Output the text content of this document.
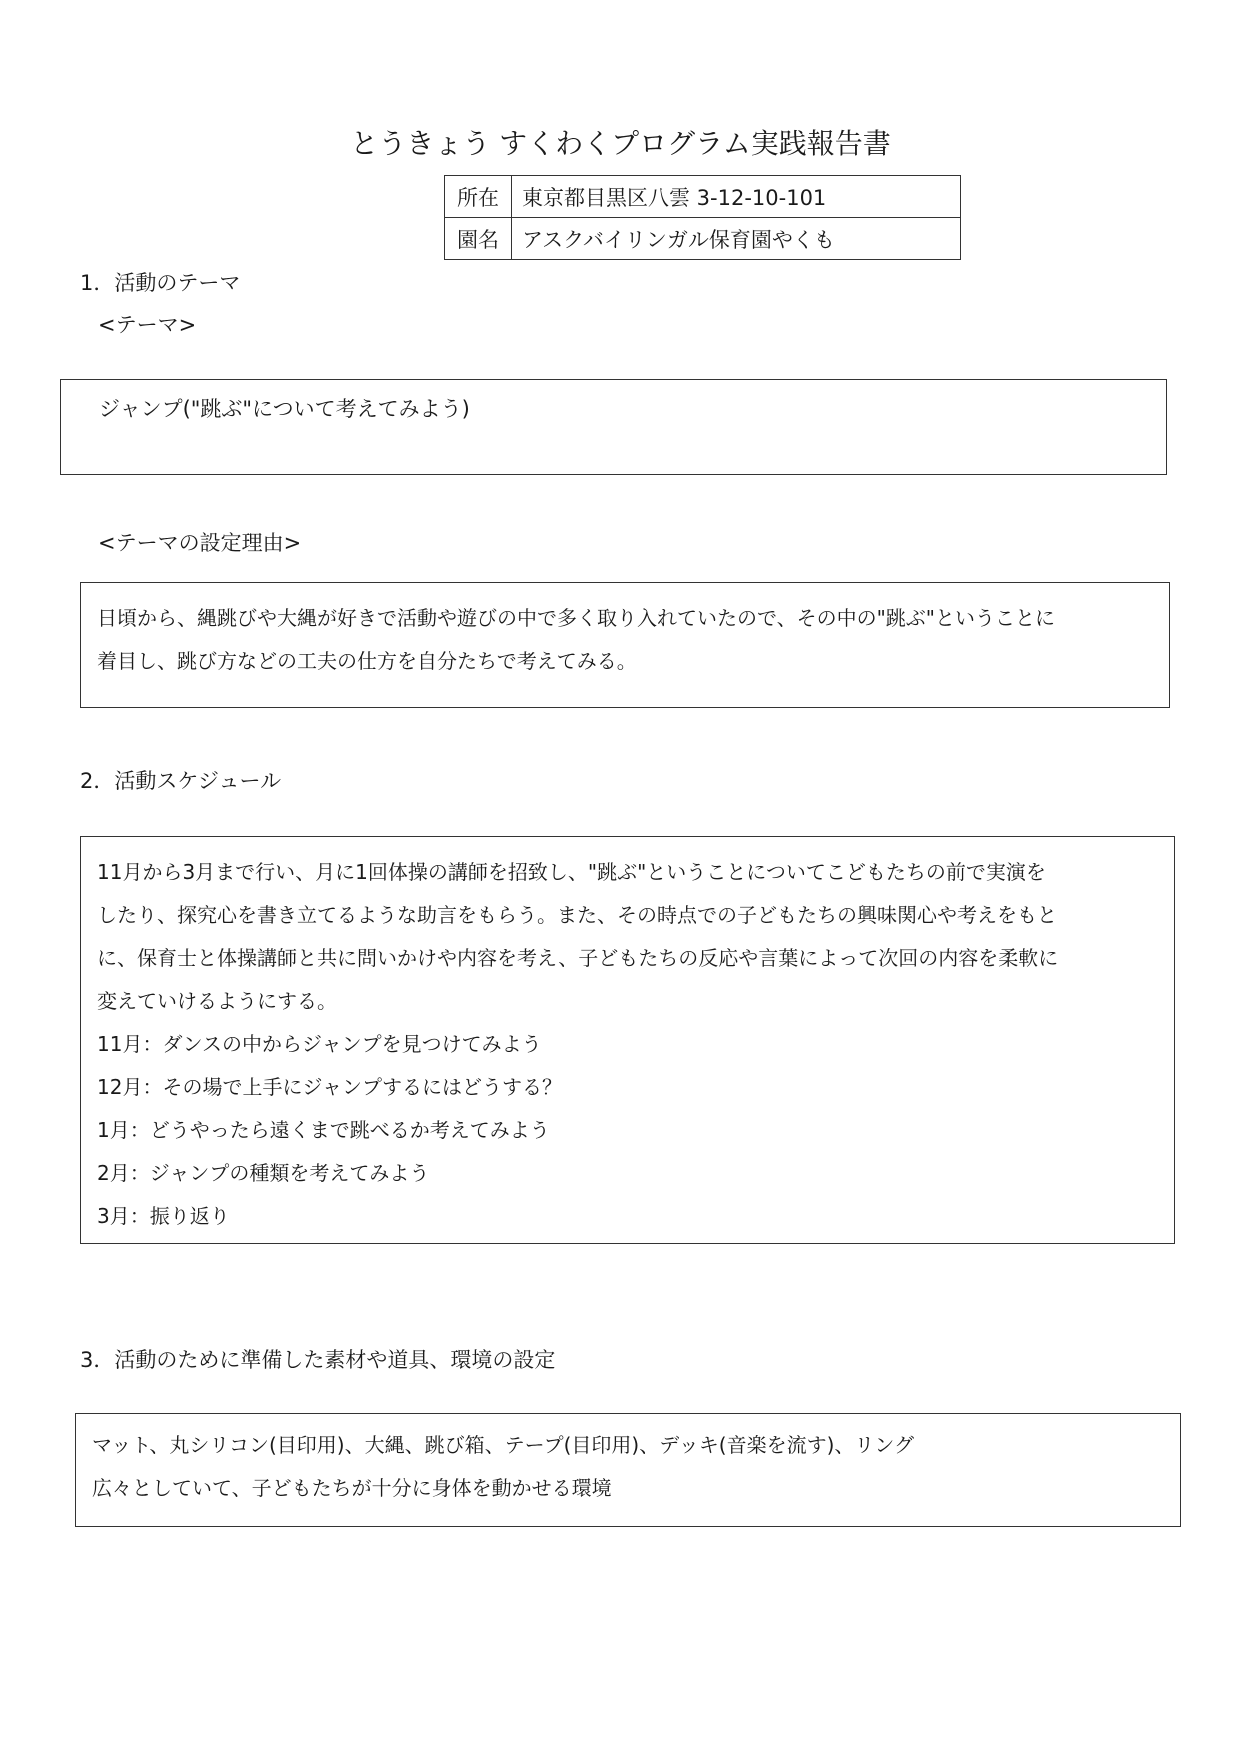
とうきょう すくわくプログラム実践報告書
所在	東京都目黒区八雲 3-12-10-101
園名	アスクバイリンガル保育園やくも
1．活動のテーマ
<テーマ>
ジャンプ("跳ぶ"について考えてみよう)
<テーマの設定理由>
日頃から、縄跳びや大縄が好きで活動や遊びの中で多く取り入れていたので、その中の"跳ぶ"ということに
着目し、跳び方などの工夫の仕方を自分たちで考えてみる。
2．活動スケジュール
11月から3月まで行い、月に1回体操の講師を招致し、"跳ぶ"ということについてこどもたちの前で実演を
したり、探究心を書き立てるような助言をもらう。また、その時点での子どもたちの興味関心や考えをもと
に、保育士と体操講師と共に問いかけや内容を考え、子どもたちの反応や言葉によって次回の内容を柔軟に
変えていけるようにする。
11月：ダンスの中からジャンプを見つけてみよう
12月：その場で上手にジャンプするにはどうする？
1月：どうやったら遠くまで跳べるか考えてみよう
2月：ジャンプの種類を考えてみよう
3月：振り返り
3．活動のために準備した素材や道具、環境の設定
マット、丸シリコン(目印用)、大縄、跳び箱、テープ(目印用)、デッキ(音楽を流す)、リング
広々としていて、子どもたちが十分に身体を動かせる環境
